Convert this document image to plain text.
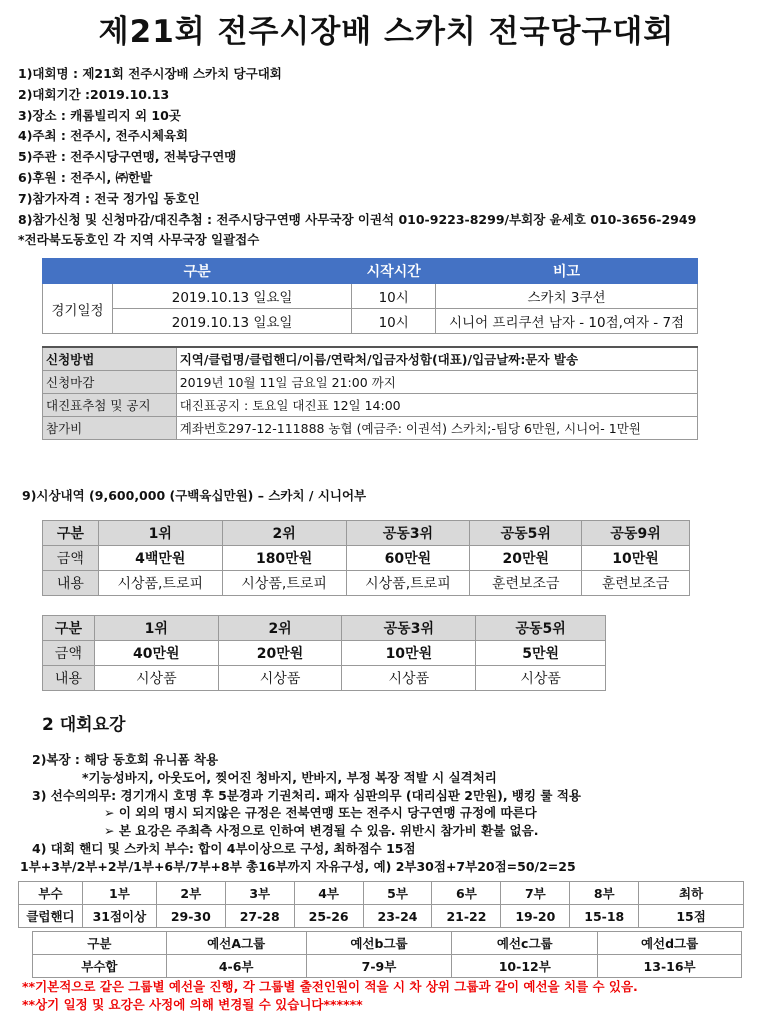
제21회 전주시장배 스카치 전국당구대회
1)대회명 : 제21회 전주시장배 스카치 당구대회
2)대회기간 :2019.10.13
3)장소 : 캐롬빌리지 외 10곳
4)주최 : 전주시, 전주시체육회
5)주관 : 전주시당구연맹, 전북당구연맹
6)후원 : 전주시, ㈜한밭
7)참가자격 : 전국 정가입 동호인
8)참가신청 및 신청마감/대진추첨 : 전주시당구연맹 사무국장 이권석 010-9223-8299/부회장 윤세호 010-3656-2949
*전라북도동호인 각 지역 사무국장 일괄접수
구분		시작시간	비고
경기일정	2019.10.13 일요일	10시	스카치 3쿠션
	2019.10.13 일요일	10시	시니어 프리쿠션 남자 - 10점,여자 - 7점
신청방법	지역/클럽명/클럽핸디/이름/연락처/입금자성함(대표)/입금날짜:문자 발송
신청마감	2019년 10월 11일 금요일 21:00 까지
대진표추첨 및 공지	대진표공지 : 토요일 대진표 12일 14:00
참가비	계좌번호297-12-111888 농협 (예금주: 이권석) 스카치;-팀당 6만원, 시니어- 1만원
9)시상내역 (9,600,000 (구백육십만원) – 스카치 / 시니어부
구분	1위	2위	공동3위	공동5위	공동9위
금액	4백만원	180만원	60만원	20만원	10만원
내용	시상품,트로피	시상품,트로피	시상품,트로피	훈련보조금	훈련보조금
구분	1위	2위	공동3위	공동5위
금액	40만원	20만원	10만원	5만원
내용	시상품	시상품	시상품	시상품
2 대회요강
2)복장 : 해당 동호회 유니폼 착용
*기능성바지, 아웃도어, 찢어진 청바지, 반바지, 부정 복장 적발 시 실격처리
3) 선수의의무: 경기개시 호명 후 5분경과 기권처리. 패자 심판의무 (대리심판 2만원), 뱅킹 룰 적용
➢ 이 외의 명시 되지않은 규정은 전북연맹 또는 전주시 당구연맹 규정에 따른다
➢ 본 요강은 주최측 사정으로 인하여 변경될 수 있음. 위반시 참가비 환불 없음.
4) 대회 핸디 및 스카치 부수: 합이 4부이상으로 구성, 최하점수 15점
1부+3부/2부+2부/1부+6부/7부+8부 총16부까지 자유구성, 예) 2부30점+7부20점=50/2=25
부수	1부	2부	3부	4부	5부	6부	7부	8부	최하
클럽핸디	31점이상	29-30	27-28	25-26	23-24	21-22	19-20	15-18	15점
구분	예선A그룹	예선b그룹	예선c그룹	예선d그룹
부수합	4-6부	7-9부	10-12부	13-16부
**기본적으로 같은 그룹별 예선을 진행, 각 그룹별 출전인원이 적을 시 차 상위 그룹과 같이 예선을 치를 수 있음.
**상기 일정 및 요강은 사정에 의해 변경될 수 있습니다******
